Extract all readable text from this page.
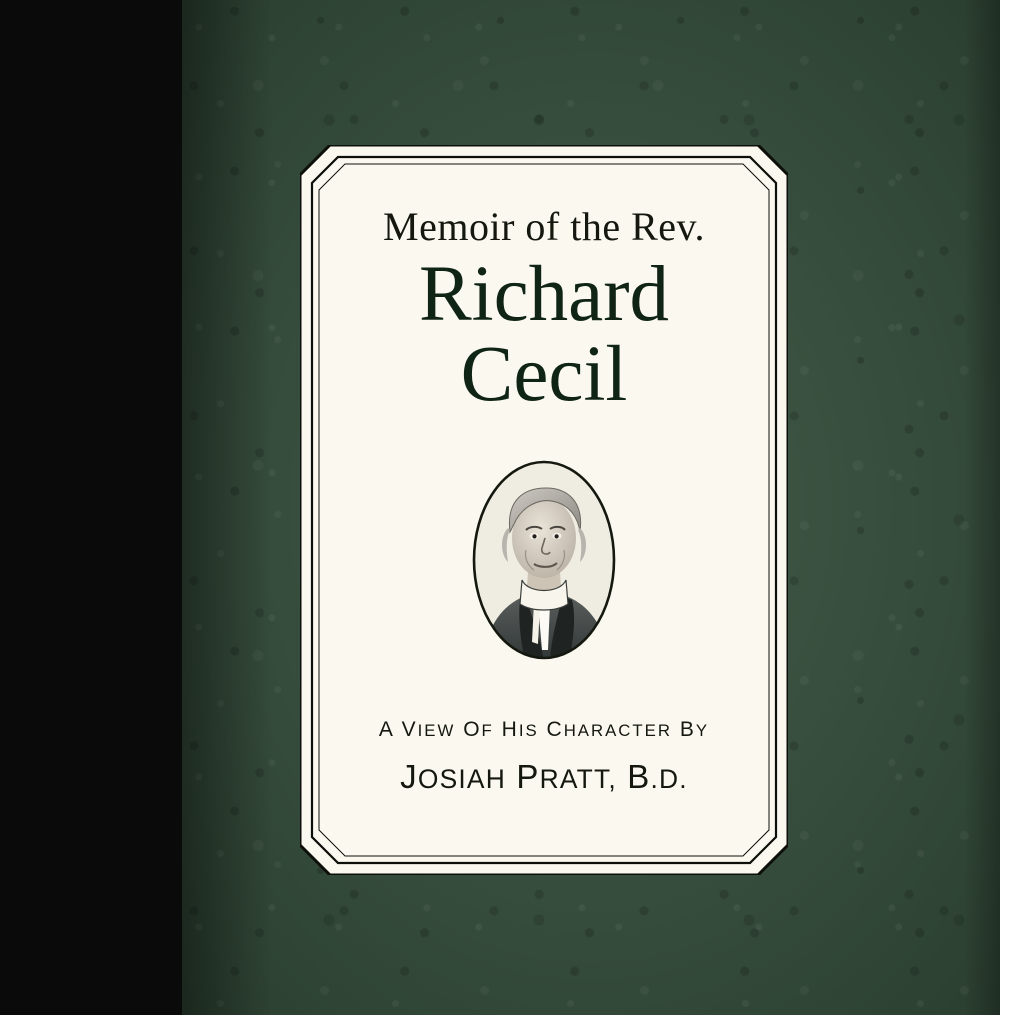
Memoir of the Rev.
Richard
Cecil
A VIEW OF HIS CHARACTER BY
JOSIAH PRATT, B.D.
